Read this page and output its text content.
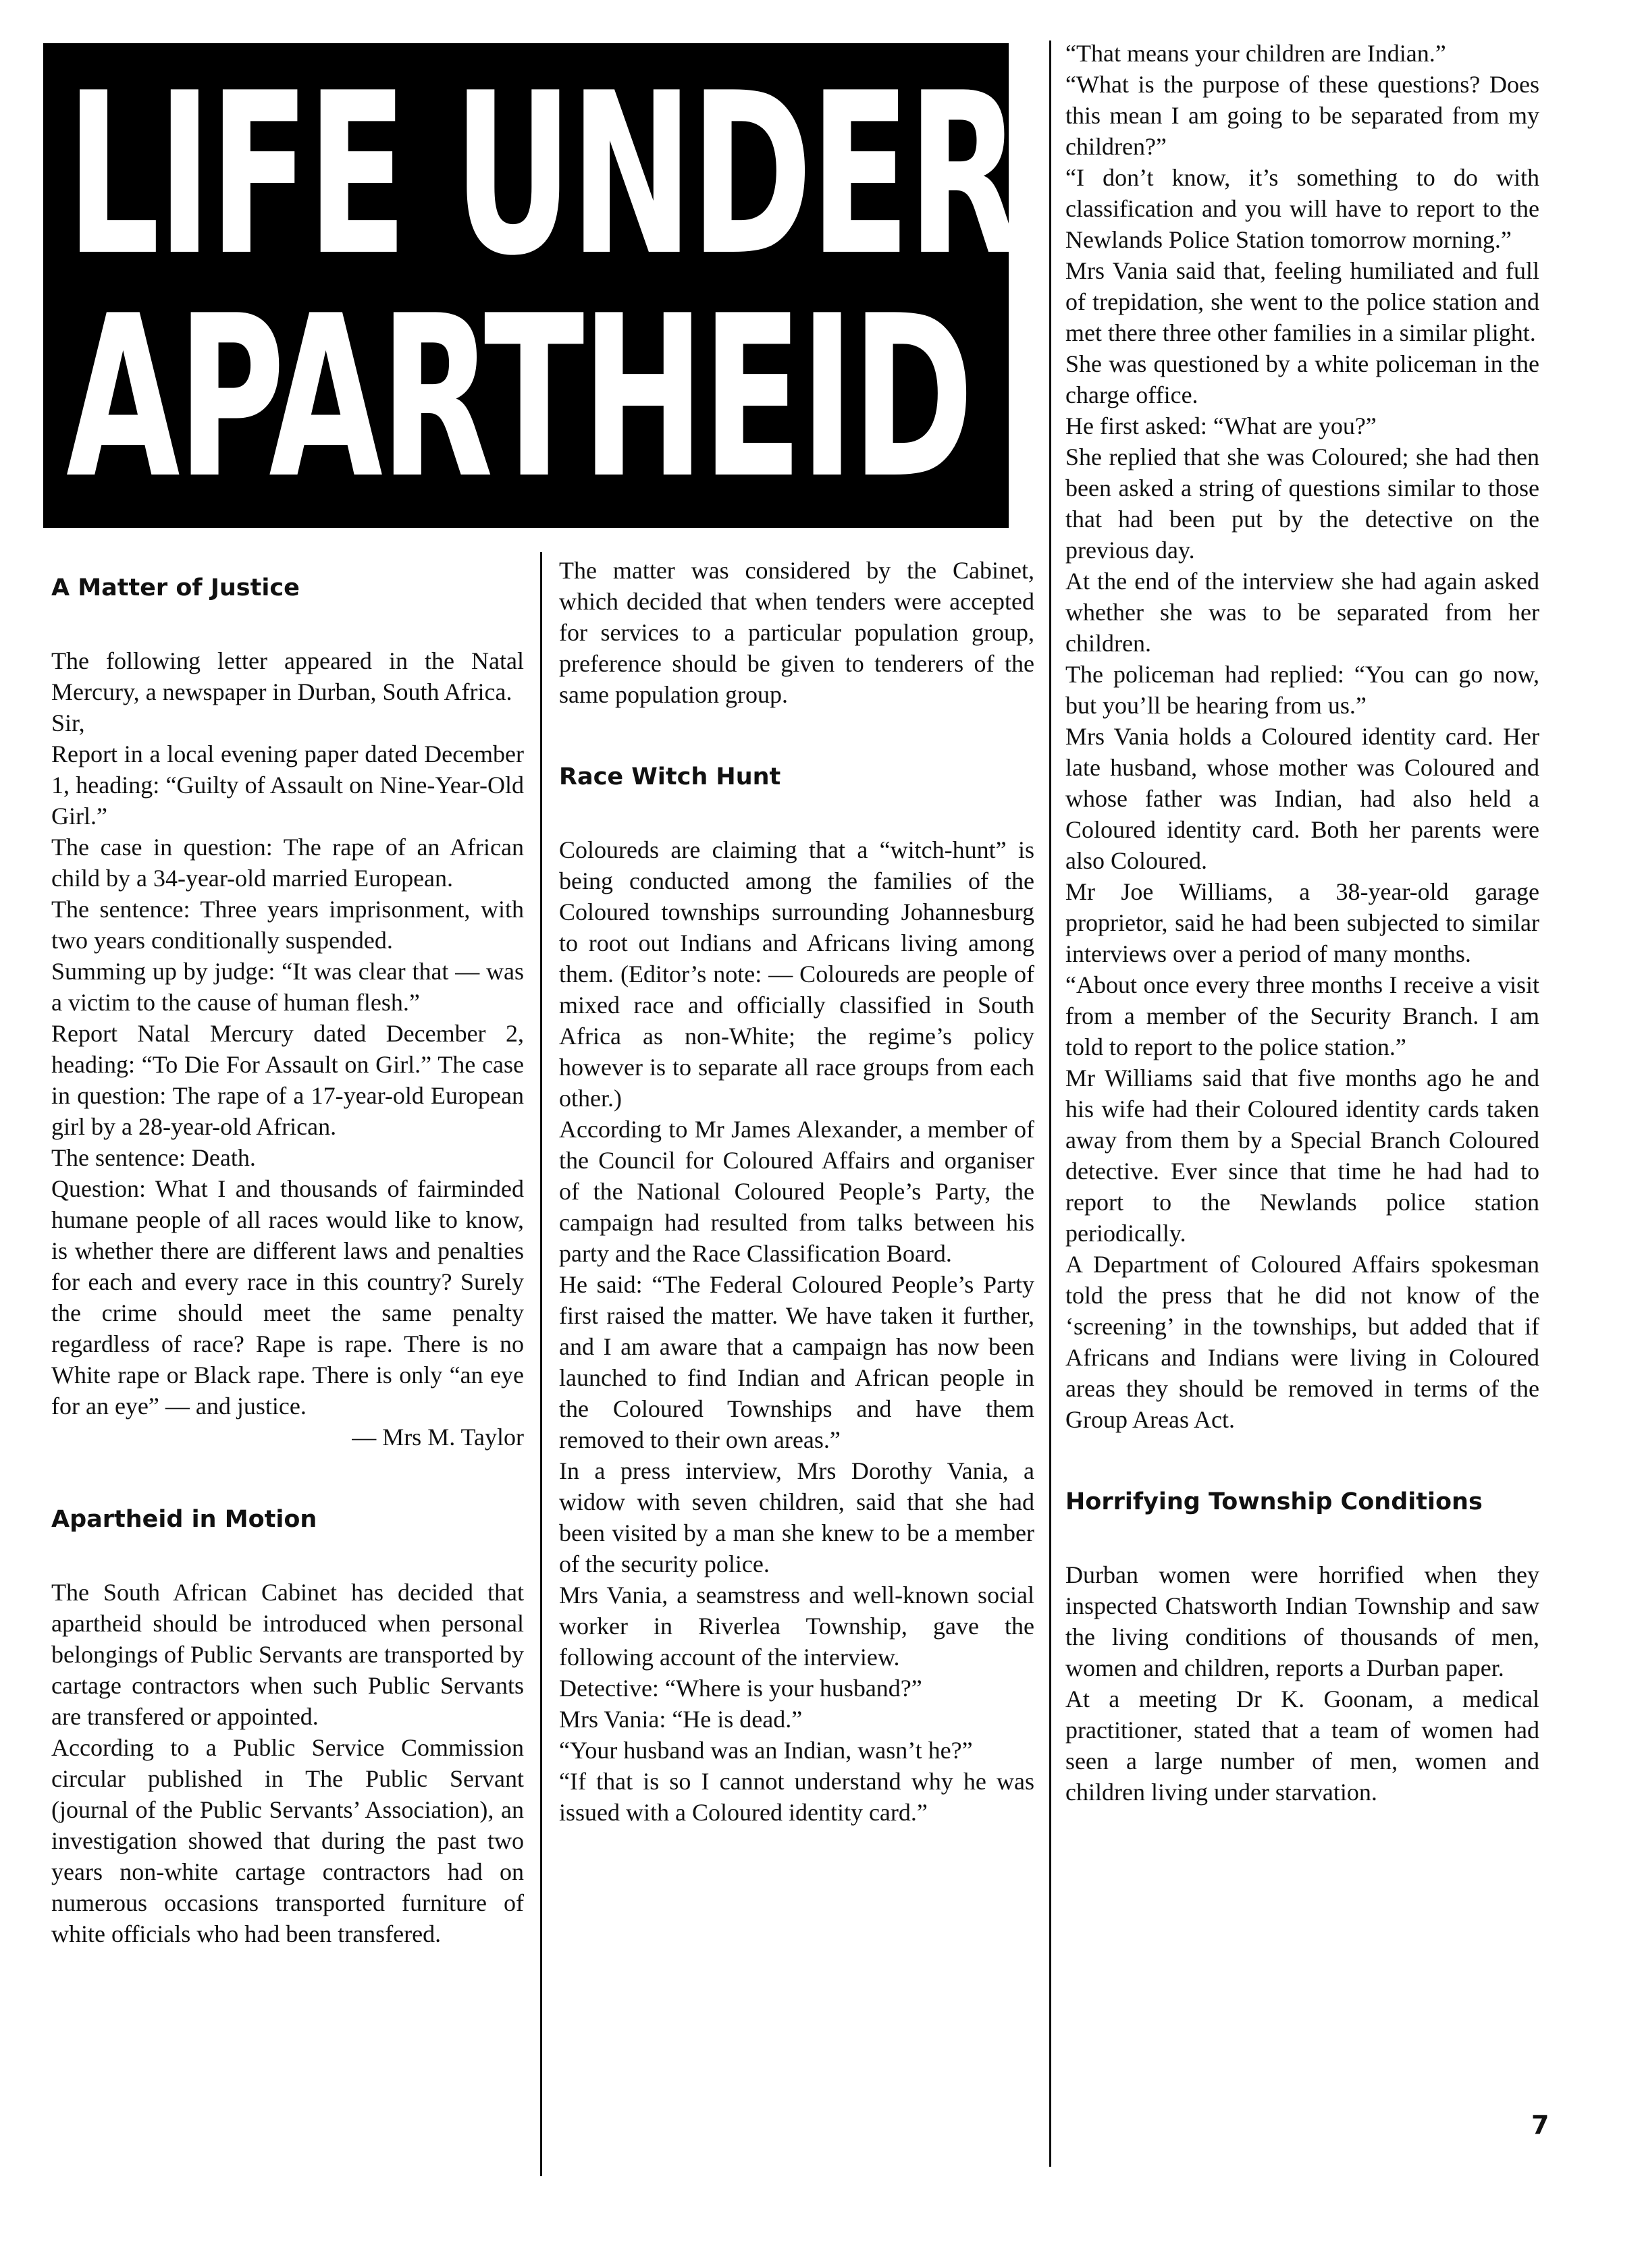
LIFE UNDER
APARTHEID

A Matter of Justice

The following letter appeared in the Natal Mercury, a newspaper in Durban, South Africa.

Sir,

Report in a local evening paper dated December 1, heading: “Guilty of Assault on Nine-Year-Old Girl.”

The case in question: The rape of an African child by a 34-year-old married European.

The sentence: Three years imprisonment, with two years conditionally suspended.

Summing up by judge: “It was clear that — was a victim to the cause of human flesh.”

Report Natal Mercury dated December 2, heading: “To Die For Assault on Girl.” The case in question: The rape of a 17-year-old European girl by a 28-year-old African.

The sentence: Death.

Question: What I and thousands of fairminded humane people of all races would like to know, is whether there are different laws and penalties for each and every race in this country? Surely the crime should meet the same penalty regardless of race? Rape is rape. There is no White rape or Black rape. There is only “an eye for an eye” — and justice.

— Mrs M. Taylor

Apartheid in Motion

The South African Cabinet has decided that apartheid should be introduced when personal belongings of Public Servants are transported by cartage contractors when such Public Servants are transfered or appointed.

According to a Public Service Commission circular published in The Public Servant (journal of the Public Servants’ Association), an investigation showed that during the past two years non-white cartage contractors had on numerous occasions transported furniture of white officials who had been transfered.

The matter was considered by the Cabinet, which decided that when tenders were accepted for services to a particular population group, preference should be given to tenderers of the same population group.

Race Witch Hunt

Coloureds are claiming that a “witch-hunt” is being conducted among the families of the Coloured townships surrounding Johannesburg to root out Indians and Africans living among them. (Editor’s note: — Coloureds are people of mixed race and officially classified in South Africa as non-White; the regime’s policy however is to separate all race groups from each other.)

According to Mr James Alexander, a member of the Council for Coloured Affairs and organiser of the National Coloured People’s Party, the campaign had resulted from talks between his party and the Race Classification Board.

He said: “The Federal Coloured People’s Party first raised the matter. We have taken it further, and I am aware that a campaign has now been launched to find Indian and African people in the Coloured Townships and have them removed to their own areas.”

In a press interview, Mrs Dorothy Vania, a widow with seven children, said that she had been visited by a man she knew to be a member of the security police.

Mrs Vania, a seamstress and well-known social worker in Riverlea Township, gave the following account of the interview.

Detective: “Where is your husband?”

Mrs Vania: “He is dead.”

“Your husband was an Indian, wasn’t he?”

“If that is so I cannot understand why he was issued with a Coloured identity card.”

“That means your children are Indian.”

“What is the purpose of these questions? Does this mean I am going to be separated from my children?”

“I don’t know, it’s something to do with classification and you will have to report to the Newlands Police Station tomorrow morning.”

Mrs Vania said that, feeling humiliated and full of trepidation, she went to the police station and met there three other families in a similar plight.

She was questioned by a white policeman in the charge office.

He first asked: “What are you?”

She replied that she was Coloured; she had then been asked a string of questions similar to those that had been put by the detective on the previous day.

At the end of the interview she had again asked whether she was to be separated from her children.

The policeman had replied: “You can go now, but you’ll be hearing from us.”

Mrs Vania holds a Coloured identity card. Her late husband, whose mother was Coloured and whose father was Indian, had also held a Coloured identity card. Both her parents were also Coloured.

Mr Joe Williams, a 38-year-old garage proprietor, said he had been subjected to similar interviews over a period of many months.

“About once every three months I receive a visit from a member of the Security Branch. I am told to report to the police station.”

Mr Williams said that five months ago he and his wife had their Coloured identity cards taken away from them by a Special Branch Coloured detective. Ever since that time he had had to report to the Newlands police station periodically.

A Department of Coloured Affairs spokesman told the press that he did not know of the ‘screening’ in the townships, but added that if Africans and Indians were living in Coloured areas they should be removed in terms of the Group Areas Act.

Horrifying Township Conditions

Durban women were horrified when they inspected Chatsworth Indian Township and saw the living conditions of thousands of men, women and children, reports a Durban paper.

At a meeting Dr K. Goonam, a medical practitioner, stated that a team of women had seen a large number of men, women and children living under starvation.

7
